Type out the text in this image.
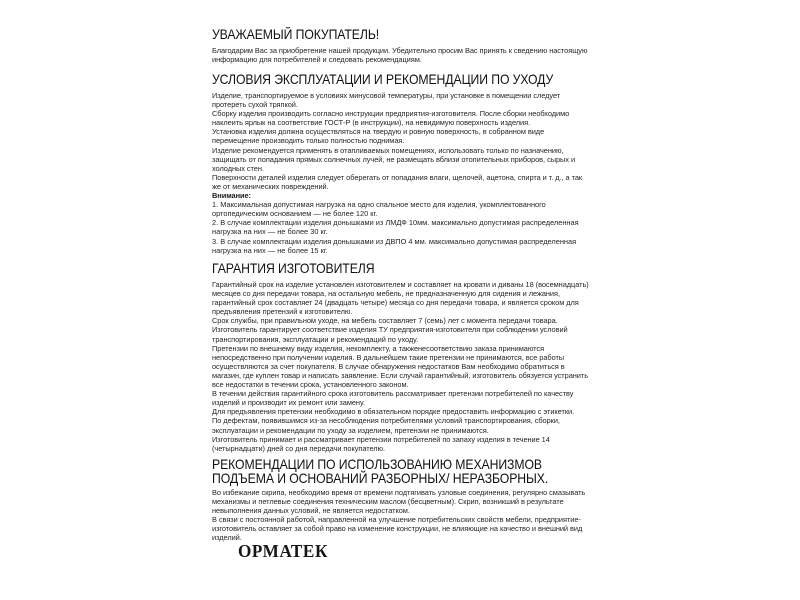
УВАЖАЕМЫЙ ПОКУПАТЕЛЬ!

Благодарим Вас за приобретение нашей продукции. Убедительно просим Вас принять к сведению настоящую информацию для потребителей и следовать рекомендациям.

УСЛОВИЯ ЭКСПЛУАТАЦИИ И РЕКОМЕНДАЦИИ ПО УХОДУ

Изделие, транспортируемое в условиях минусовой температуры, при установке в помещении следует протереть сухой тряпкой.

Сборку изделия производить согласно инструкции предприятия-изготовителя. После сборки необходимо наклеить ярлык на соответствие ГОСТ-Р (в инструкции), на невидимую поверхность изделия.

Установка изделия должна осуществляться на твердую и ровную поверхность, в собранном виде перемещение производить только полностью поднимая.

Изделие рекомендуется применять в отапливаемых помещениях, использовать только по назначению, защищать от попадания прямых солнечных лучей, не размещать вблизи отопительных приборов, сырых и холодных стен.

Поверхности деталей изделия следует оберегать от попадания влаги, щелочей, ацетона, спирта и т. д., а так же от механических повреждений.

Внимание:

1. Максимальная допустимая нагрузка на одно спальное место для изделия, укомплектованного ортопедическим основанием — не более 120 кг.

2. В случае комплектации изделия донышками из ЛМДФ 10мм. максимально допустимая распределенная нагрузка на них — не более 30 кг.

3. В случае комплектации изделия донышками из ДВПО 4 мм. максимально допустимая распределенная нагрузка на них — не более 15 кг.

ГАРАНТИЯ ИЗГОТОВИТЕЛЯ

Гарантийный срок на изделие установлен изготовителем и составляет на кровати и диваны 18 (восемнадцать) месяцев со дня передачи товара, на остальную мебель, не предназначенную для сидения и лежания, гарантийный срок составляет 24 (двадцать четыре) месяца со дня передачи товара, и является сроком для предъявления претензий к изготовителю.

Срок службы, при правильном уходе, на мебель составляет 7 (семь) лет с момента передачи товара.

Изготовитель гарантирует соответствие изделия ТУ предприятия-изготовителя при соблюдении условий транспортирования, эксплуатации и рекомендаций по уходу.

Претензии по внешнему виду изделия, некомплекту, а такженесоответствию заказа принимаются непосредственно при получении изделия. В дальнейшем такие претензии не принимаются, все работы осуществляются за счет покупателя. В случае обнаружения недостатков Вам необходимо обратиться в магазин, где куплен товар и написать заявление. Если случай гарантийный, изготовитель обязуется устранить все недостатки в течении срока, установленного законом.

В течении действия гарантийного срока изготовитель рассматривает претензии потребителей по качеству изделий и производит их ремонт или замену.

Для предъявления претензии необходимо в обязательном порядке предоставить информацию с этикетки.

По дефектам, появившимся из-за несоблюдения потребителями условий транспортирования, сборки, эксплуатации и рекомендации по уходу за изделием, претензии не принимаются.

Изготовитель принимает и рассматривает претензии потребителей по запаху изделия в течение 14 (четырнадцати) дней со дня передачи покупателю.

РЕКОМЕНДАЦИИ ПО ИСПОЛЬЗОВАНИЮ МЕХАНИЗМОВ ПОДЪЕМА И ОСНОВАНИЙ РАЗБОРНЫХ/ НЕРАЗБОРНЫХ.

Во избежание скрипа, необходимо время от времени подтягивать узловые соединения, регулярно смазывать механизмы и петлевые соединения техническим маслом (бесцветным). Скрип, возникший в результате невыполнения данных условий, не является недостатком.

В связи с постоянной работой, направленной на улучшение потребительских свойств мебели, предприятие-изготовитель оставляет за собой право на изменение конструкции, не влияющие на качество и внешний вид изделий.

ОРМАТЕК
